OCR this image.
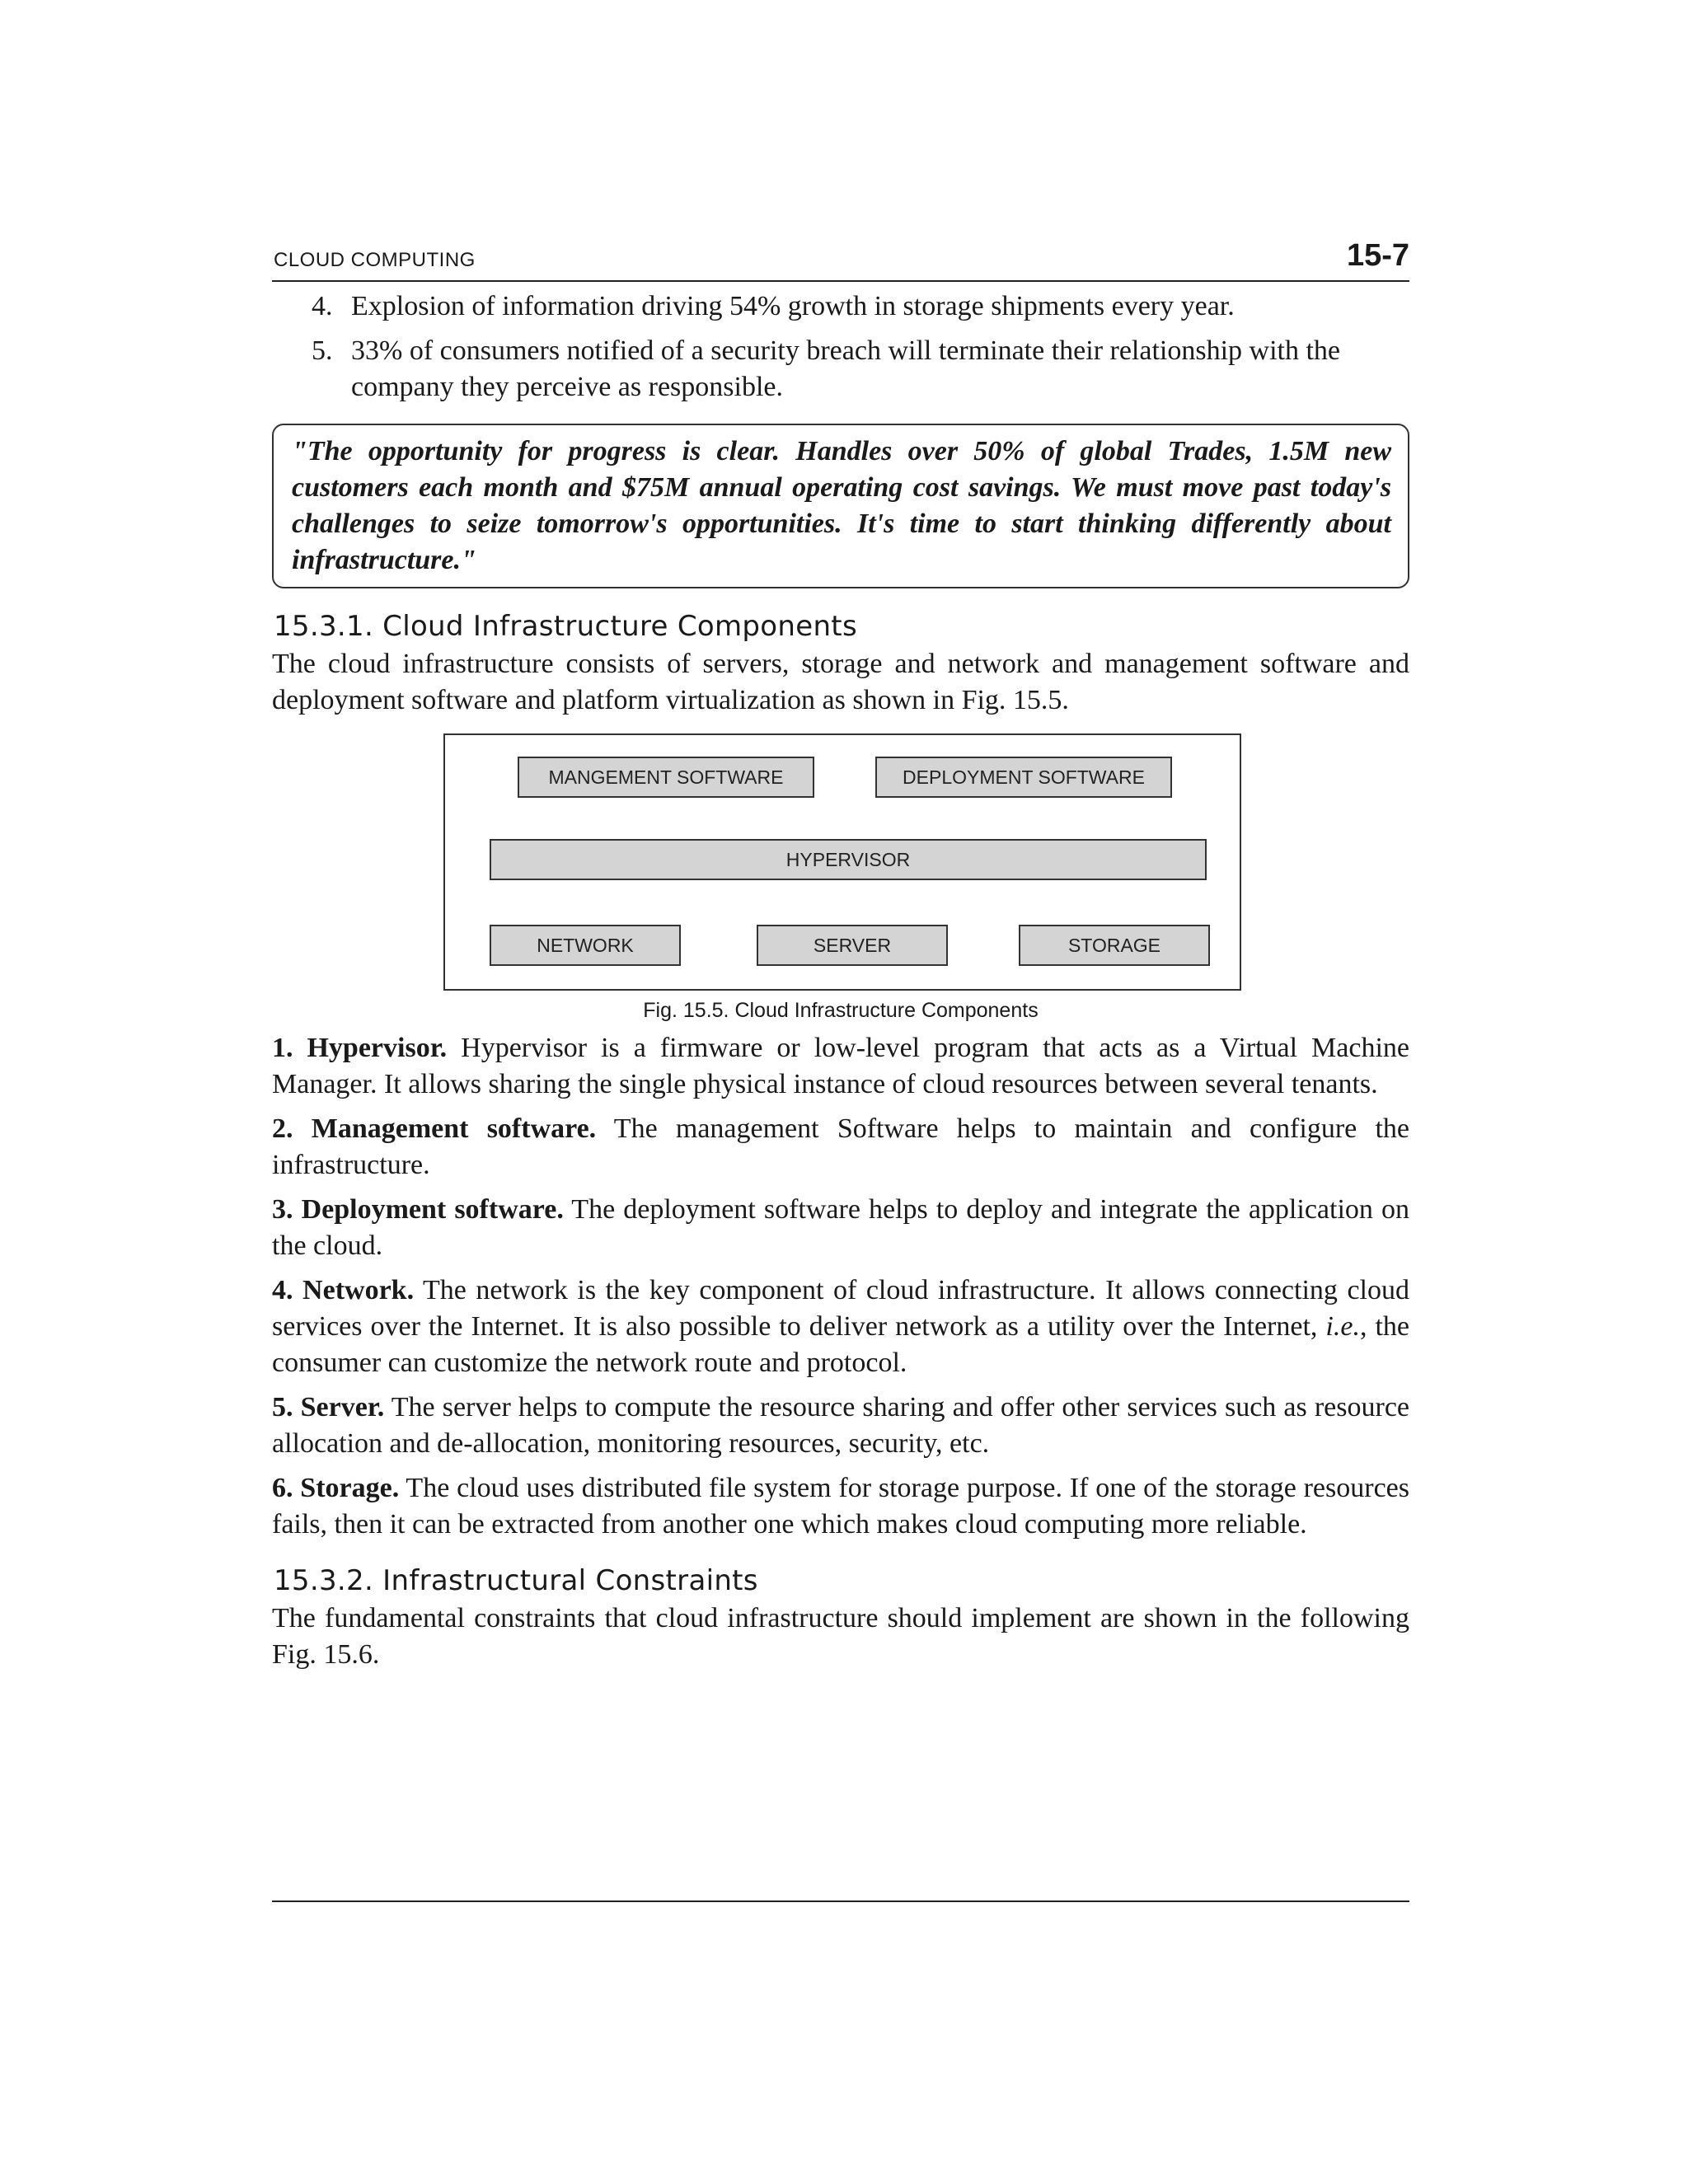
CLOUD COMPUTING	15-7
4. Explosion of information driving 54% growth in storage shipments every year.
5. 33% of consumers notified of a security breach will terminate their relationship with the company they perceive as responsible.
"The opportunity for progress is clear. Handles over 50% of global Trades, 1.5M new customers each month and $75M annual operating cost savings. We must move past today's challenges to seize tomorrow's opportunities. It's time to start thinking differently about infrastructure."
15.3.1. Cloud Infrastructure Components

The cloud infrastructure consists of servers, storage and network and management software and deployment software and platform virtualization as shown in Fig. 15.5.

MANGEMENT SOFTWARE	DEPLOYMENT SOFTWARE
HYPERVISOR
NETWORK	SERVER	STORAGE
Fig. 15.5. Cloud Infrastructure Components

1. Hypervisor. Hypervisor is a firmware or low-level program that acts as a Virtual Machine Manager. It allows sharing the single physical instance of cloud resources between several tenants.

2. Management software. The management Software helps to maintain and configure the infrastructure.

3. Deployment software. The deployment software helps to deploy and integrate the application on the cloud.

4. Network. The network is the key component of cloud infrastructure. It allows connecting cloud services over the Internet. It is also possible to deliver network as a utility over the Internet, i.e., the consumer can customize the network route and protocol.

5. Server. The server helps to compute the resource sharing and offer other services such as resource allocation and de-allocation, monitoring resources, security, etc.

6. Storage. The cloud uses distributed file system for storage purpose. If one of the storage resources fails, then it can be extracted from another one which makes cloud computing more reliable.

15.3.2. Infrastructural Constraints

The fundamental constraints that cloud infrastructure should implement are shown in the following Fig. 15.6.
